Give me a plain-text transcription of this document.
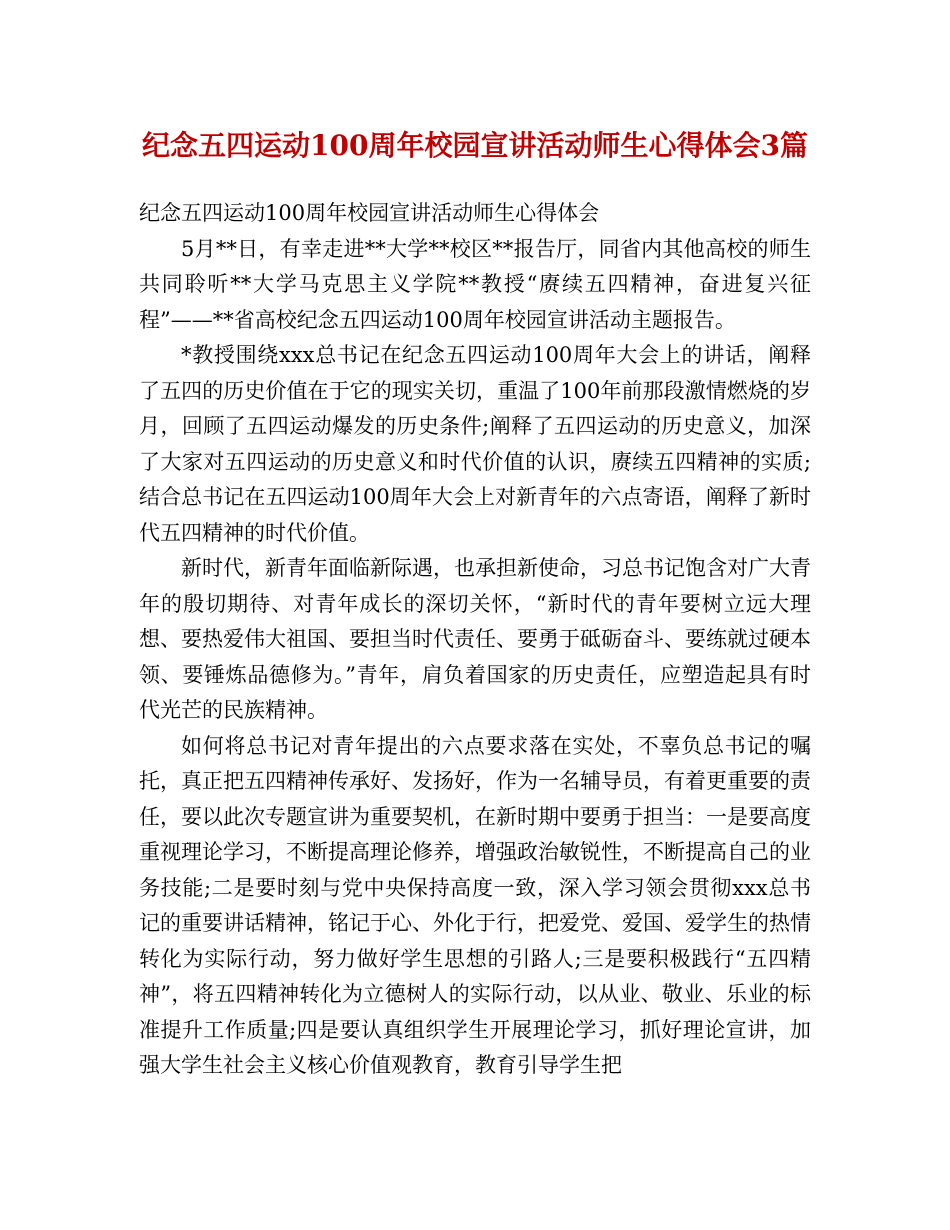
纪念五四运动100周年校园宣讲活动师生心得体会3篇

纪念五四运动100周年校园宣讲活动师生心得体会

5月**日，有幸走进**大学**校区**报告厅，同省内其他高校的师生共同聆听**大学马克思主义学院**教授“赓续五四精神，奋进复兴征程”——**省高校纪念五四运动100周年校园宣讲活动主题报告。

*教授围绕xxx总书记在纪念五四运动100周年大会上的讲话，阐释了五四的历史价值在于它的现实关切，重温了100年前那段激情燃烧的岁月，回顾了五四运动爆发的历史条件;阐释了五四运动的历史意义，加深了大家对五四运动的历史意义和时代价值的认识，赓续五四精神的实质;结合总书记在五四运动100周年大会上对新青年的六点寄语，阐释了新时代五四精神的时代价值。

新时代，新青年面临新际遇，也承担新使命，习总书记饱含对广大青年的殷切期待、对青年成长的深切关怀，“新时代的青年要树立远大理想、要热爱伟大祖国、要担当时代责任、要勇于砥砺奋斗、要练就过硬本领、要锤炼品德修为。”青年，肩负着国家的历史责任，应塑造起具有时代光芒的民族精神。

如何将总书记对青年提出的六点要求落在实处，不辜负总书记的嘱托，真正把五四精神传承好、发扬好，作为一名辅导员，有着更重要的责任，要以此次专题宣讲为重要契机，在新时期中要勇于担当：一是要高度重视理论学习，不断提高理论修养，增强政治敏锐性，不断提高自己的业务技能;二是要时刻与党中央保持高度一致，深入学习领会贯彻xxx总书记的重要讲话精神，铭记于心、外化于行，把爱党、爱国、爱学生的热情转化为实际行动，努力做好学生思想的引路人;三是要积极践行“五四精神”，将五四精神转化为立德树人的实际行动，以从业、敬业、乐业的标准提升工作质量;四是要认真组织学生开展理论学习，抓好理论宣讲，加强大学生社会主义核心价值观教育，教育引导学生把
